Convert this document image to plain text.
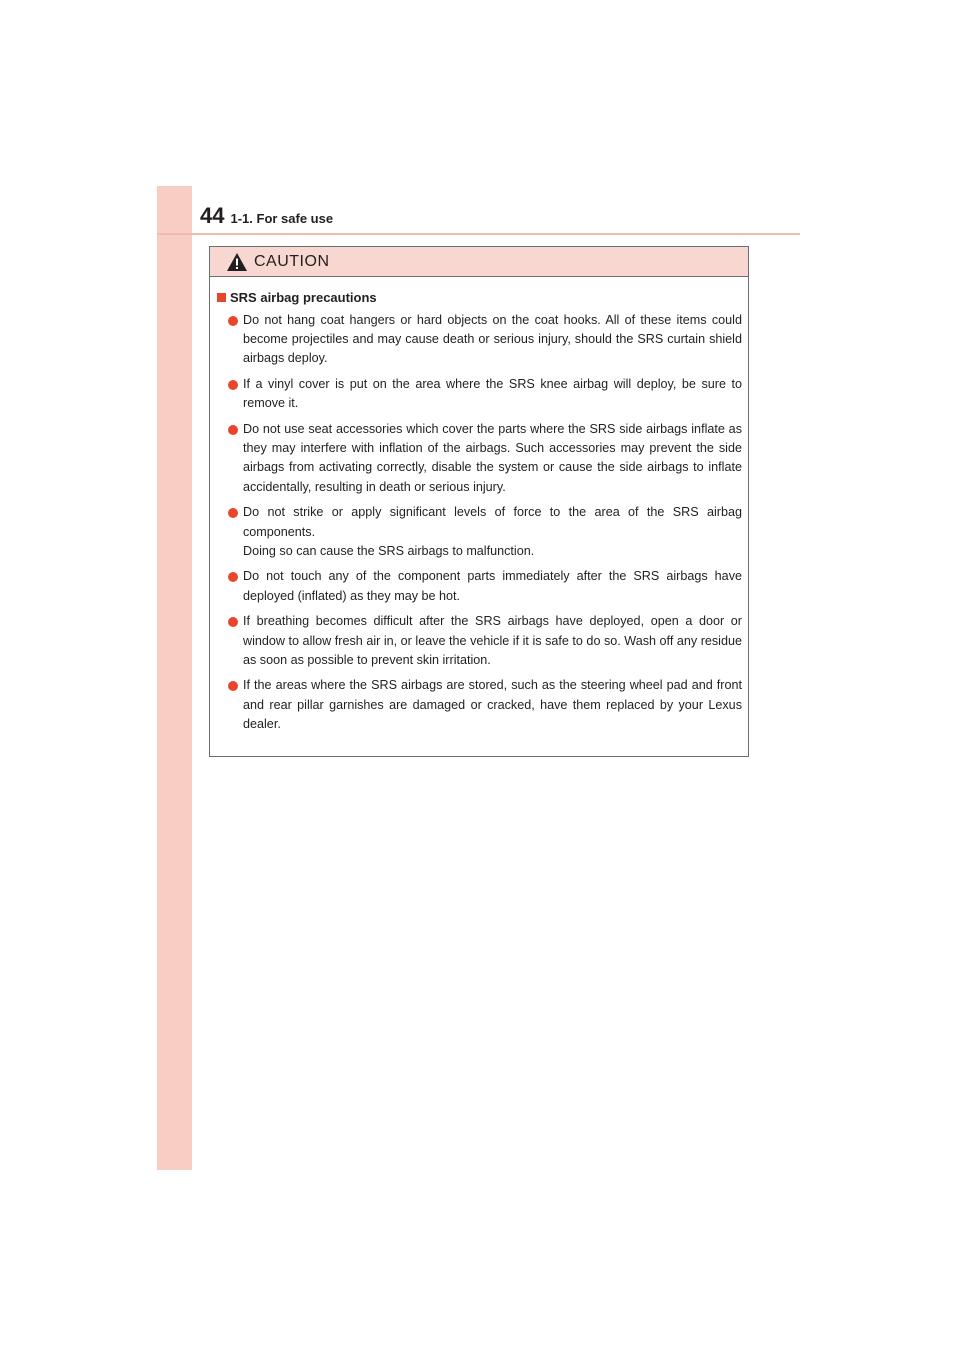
44 1-1. For safe use
CAUTION
SRS airbag precautions
Do not hang coat hangers or hard objects on the coat hooks. All of these items could become projectiles and may cause death or serious injury, should the SRS curtain shield airbags deploy.
If a vinyl cover is put on the area where the SRS knee airbag will deploy, be sure to remove it.
Do not use seat accessories which cover the parts where the SRS side airbags inflate as they may interfere with inflation of the airbags. Such accessories may prevent the side airbags from activating correctly, disable the system or cause the side airbags to inflate accidentally, resulting in death or serious injury.
Do not strike or apply significant levels of force to the area of the SRS airbag components.
Doing so can cause the SRS airbags to malfunction.
Do not touch any of the component parts immediately after the SRS airbags have deployed (inflated) as they may be hot.
If breathing becomes difficult after the SRS airbags have deployed, open a door or window to allow fresh air in, or leave the vehicle if it is safe to do so. Wash off any residue as soon as possible to prevent skin irritation.
If the areas where the SRS airbags are stored, such as the steering wheel pad and front and rear pillar garnishes are damaged or cracked, have them replaced by your Lexus dealer.
